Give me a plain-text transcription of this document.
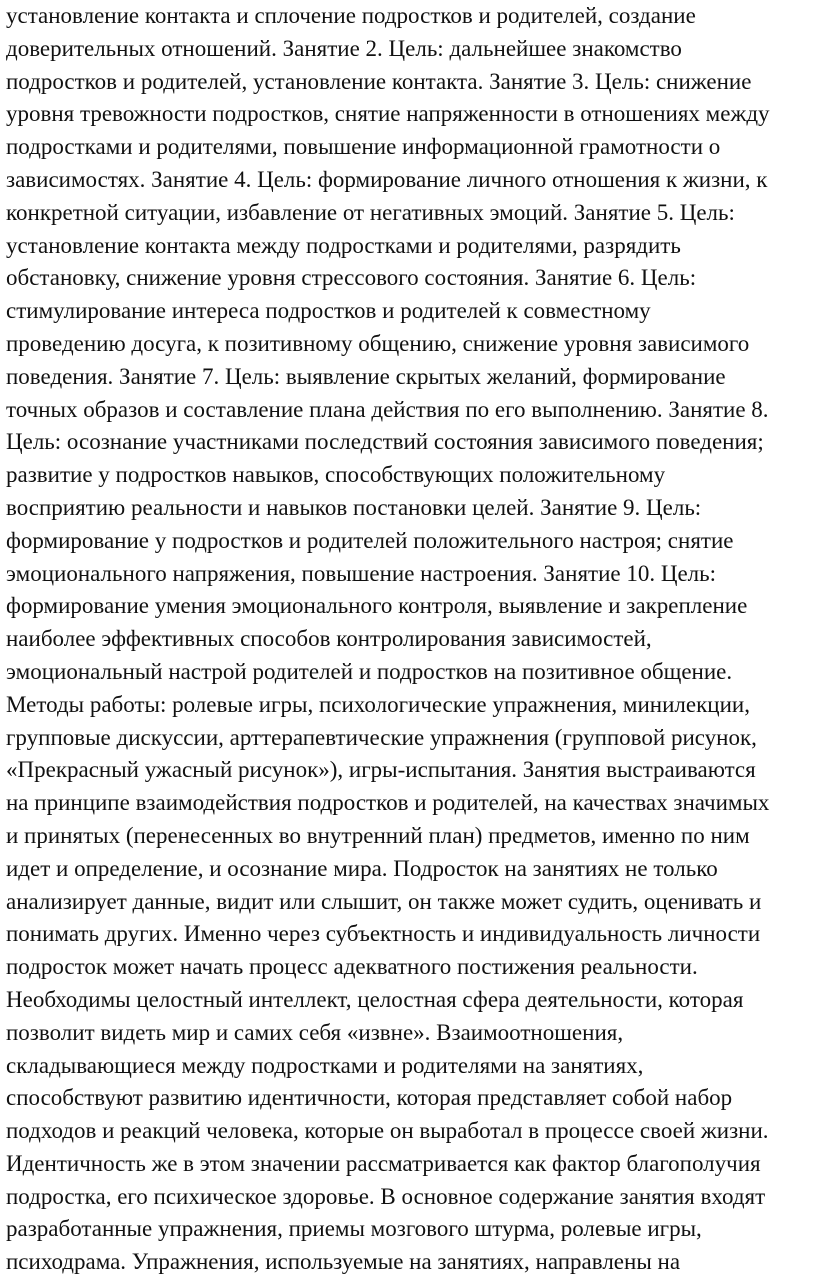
установление контакта и сплочение подростков и родителей, создание
доверительных отношений. Занятие 2. Цель: дальнейшее знакомство
подростков и родителей, установление контакта. Занятие 3. Цель: снижение
уровня тревожности подростков, снятие напряженности в отношениях между
подростками и родителями, повышение информационной грамотности о
зависимостях. Занятие 4. Цель: формирование личного отношения к жизни, к
конкретной ситуации, избавление от негативных эмоций. Занятие 5. Цель:
установление контакта между подростками и родителями, разрядить
обстановку, снижение уровня стрессового состояния. Занятие 6. Цель:
стимулирование интереса подростков и родителей к совместному
проведению досуга, к позитивному общению, снижение уровня зависимого
поведения. Занятие 7. Цель: выявление скрытых желаний, формирование
точных образов и составление плана действия по его выполнению. Занятие 8.
Цель: осознание участниками последствий состояния зависимого поведения;
развитие у подростков навыков, способствующих положительному
восприятию реальности и навыков постановки целей. Занятие 9. Цель:
формирование у подростков и родителей положительного настроя; снятие
эмоционального напряжения, повышение настроения. Занятие 10. Цель:
формирование умения эмоционального контроля, выявление и закрепление
наиболее эффективных способов контролирования зависимостей,
эмоциональный настрой родителей и подростков на позитивное общение.
Методы работы: ролевые игры, психологические упражнения, минилекции,
групповые дискуссии, арттерапевтические упражнения (групповой рисунок,
«Прекрасный ужасный рисунок»), игры-испытания. Занятия выстраиваются
на принципе взаимодействия подростков и родителей, на качествах значимых
и принятых (перенесенных во внутренний план) предметов, именно по ним
идет и определение, и осознание мира. Подросток на занятиях не только
анализирует данные, видит или слышит, он также может судить, оценивать и
понимать других. Именно через субъектность и индивидуальность личности
подросток может начать процесс адекватного постижения реальности.
Необходимы целостный интеллект, целостная сфера деятельности, которая
позволит видеть мир и самих себя «извне». Взаимоотношения,
складывающиеся между подростками и родителями на занятиях,
способствуют развитию идентичности, которая представляет собой набор
подходов и реакций человека, которые он выработал в процессе своей жизни.
Идентичность же в этом значении рассматривается как фактор благополучия
подростка, его психическое здоровье. В основное содержание занятия входят
разработанные упражнения, приемы мозгового штурма, ролевые игры,
психодрама. Упражнения, используемые на занятиях, направлены на
